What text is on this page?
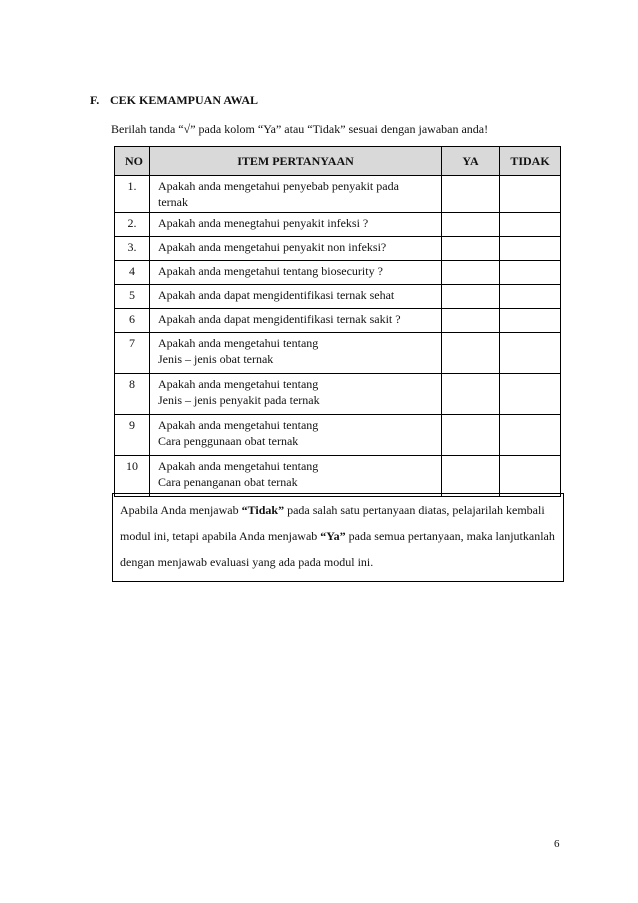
F. CEK KEMAMPUAN AWAL
Berilah tanda “√” pada kolom “Ya” atau “Tidak” sesuai dengan jawaban anda!
NO	ITEM PERTANYAAN	YA	TIDAK
1.	Apakah anda mengetahui penyebab penyakit pada
ternak		

2.	Apakah anda menegtahui penyakit infeksi ?		

3.	Apakah anda mengetahui penyakit non infeksi?		

4	Apakah anda mengetahui tentang biosecurity ?		

5	Apakah anda dapat mengidentifikasi ternak sehat		

6	Apakah anda dapat mengidentifikasi ternak sakit ?		

7	Apakah anda mengetahui tentang
Jenis – jenis obat ternak		

8	Apakah anda mengetahui tentang
Jenis – jenis penyakit pada ternak		

9	Apakah anda mengetahui tentang
Cara penggunaan obat ternak		

10	Apakah anda mengetahui tentang
Cara penanganan obat ternak		

Apabila Anda menjawab “Tidak” pada salah satu pertanyaan diatas, pelajarilah kembali modul ini, tetapi apabila Anda menjawab “Ya” pada semua pertanyaan, maka lanjutkanlah dengan menjawab evaluasi yang ada pada modul ini.
6
